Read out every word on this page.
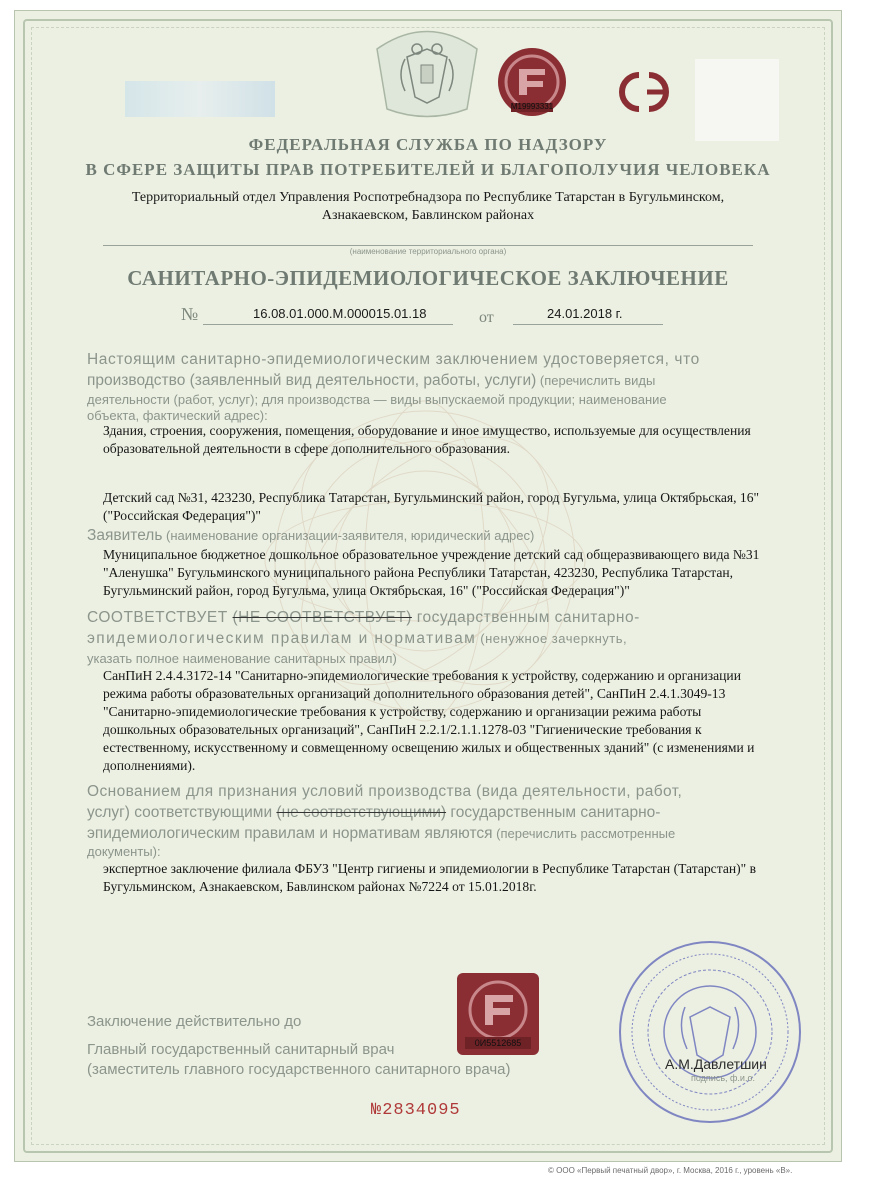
М19993331
ФЕДЕРАЛЬНАЯ СЛУЖБА ПО НАДЗОРУ
В СФЕРЕ ЗАЩИТЫ ПРАВ ПОТРЕБИТЕЛЕЙ И БЛАГОПОЛУЧИЯ ЧЕЛОВЕКА
Территориальный отдел Управления Роспотребнадзора по Республике Татарстан в Бугульминском,
Азнакаевском, Бавлинском районах
(наименование территориального органа)
САНИТАРНО-ЭПИДЕМИОЛОГИЧЕСКОЕ ЗАКЛЮЧЕНИЕ
№	16.08.01.000.М.000015.01.18	от	24.01.2018 г.
Настоящим санитарно-эпидемиологическим заключением удостоверяется, что
производство (заявленный вид деятельности, работы, услуги) (перечислить виды
деятельности (работ, услуг); для производства — виды выпускаемой продукции; наименование
объекта, фактический адрес):
Здания, строения, сооружения, помещения, оборудование и иное имущество, используемые для осуществления
образовательной деятельности в сфере дополнительного образования.
Детский сад №31, 423230, Республика Татарстан, Бугульминский район, город Бугульма, улица Октябрьская, 16"
("Российская Федерация")"
Заявитель (наименование организации-заявителя, юридический адрес)
Муниципальное бюджетное дошкольное образовательное учреждение детский сад общеразвивающего вида №31
"Аленушка" Бугульминского муниципального района Республики Татарстан, 423230, Республика Татарстан,
Бугульминский район, город Бугульма, улица Октябрьская, 16" ("Российская Федерация")"
СООТВЕТСТВУЕТ (НЕ СООТВЕТСТВУЕТ) государственным санитарно-
эпидемиологическим правилам и нормативам (ненужное зачеркнуть,
указать полное наименование санитарных правил)
СанПиН 2.4.4.3172-14 "Санитарно-эпидемиологические требования к устройству, содержанию и организации
режима работы образовательных организаций дополнительного образования детей", СанПиН 2.4.1.3049-13
"Санитарно-эпидемиологические требования к устройству, содержанию и организации режима работы
дошкольных образовательных организаций", СанПиН 2.2.1/2.1.1.1278-03 "Гигиенические требования к
естественному, искусственному и совмещенному освещению жилых и общественных зданий" (с изменениями и
дополнениями).
Основанием для признания условий производства (вида деятельности, работ,
услуг) соответствующими (не соответствующими) государственным санитарно-
эпидемиологическим правилам и нормативам являются (перечислить рассмотренные
документы):
экспертное заключение филиала ФБУЗ "Центр гигиены и эпидемиологии в Республике Татарстан (Татарстан)" в
Бугульминском, Азнакаевском, Бавлинском районах №7224 от 15.01.2018г.
0И5512685
Заключение действительно до
Главный государственный санитарный врач
(заместитель главного государственного санитарного врача)	А.М.Давлетшин
подпись, ф.и.о.
№2834095
© ООО «Первый печатный двор», г. Москва, 2016 г., уровень «В».
